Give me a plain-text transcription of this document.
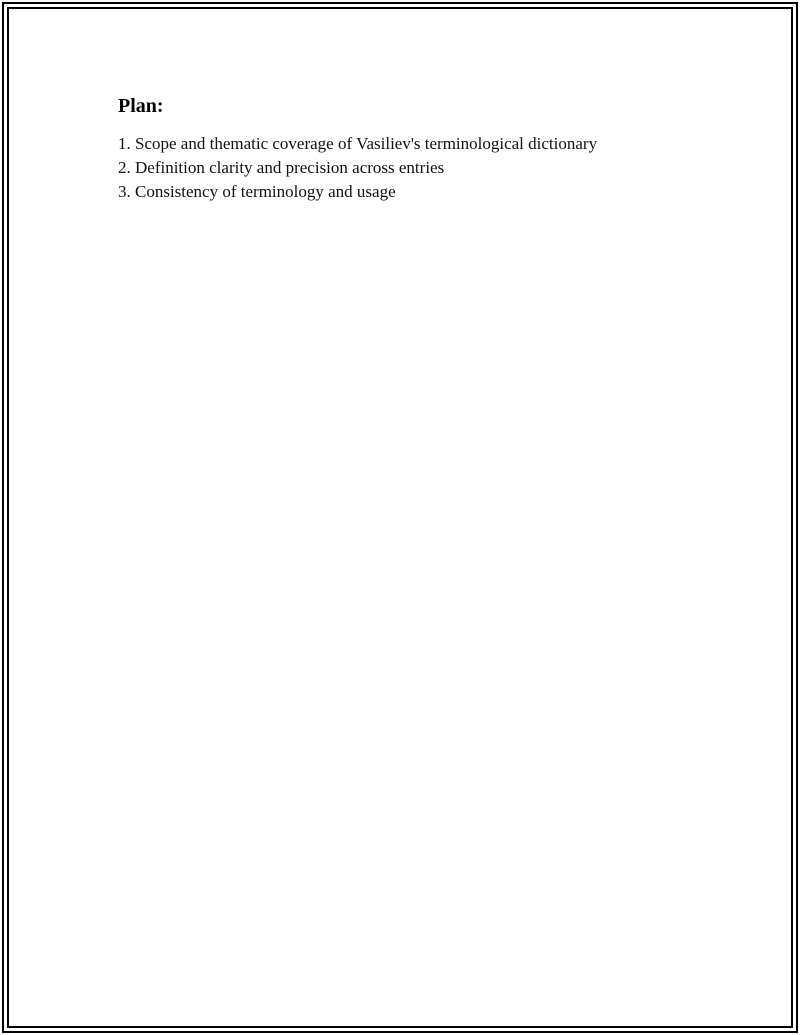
Plan:
1. Scope and thematic coverage of Vasiliev's terminological dictionary
2. Definition clarity and precision across entries
3. Consistency of terminology and usage
